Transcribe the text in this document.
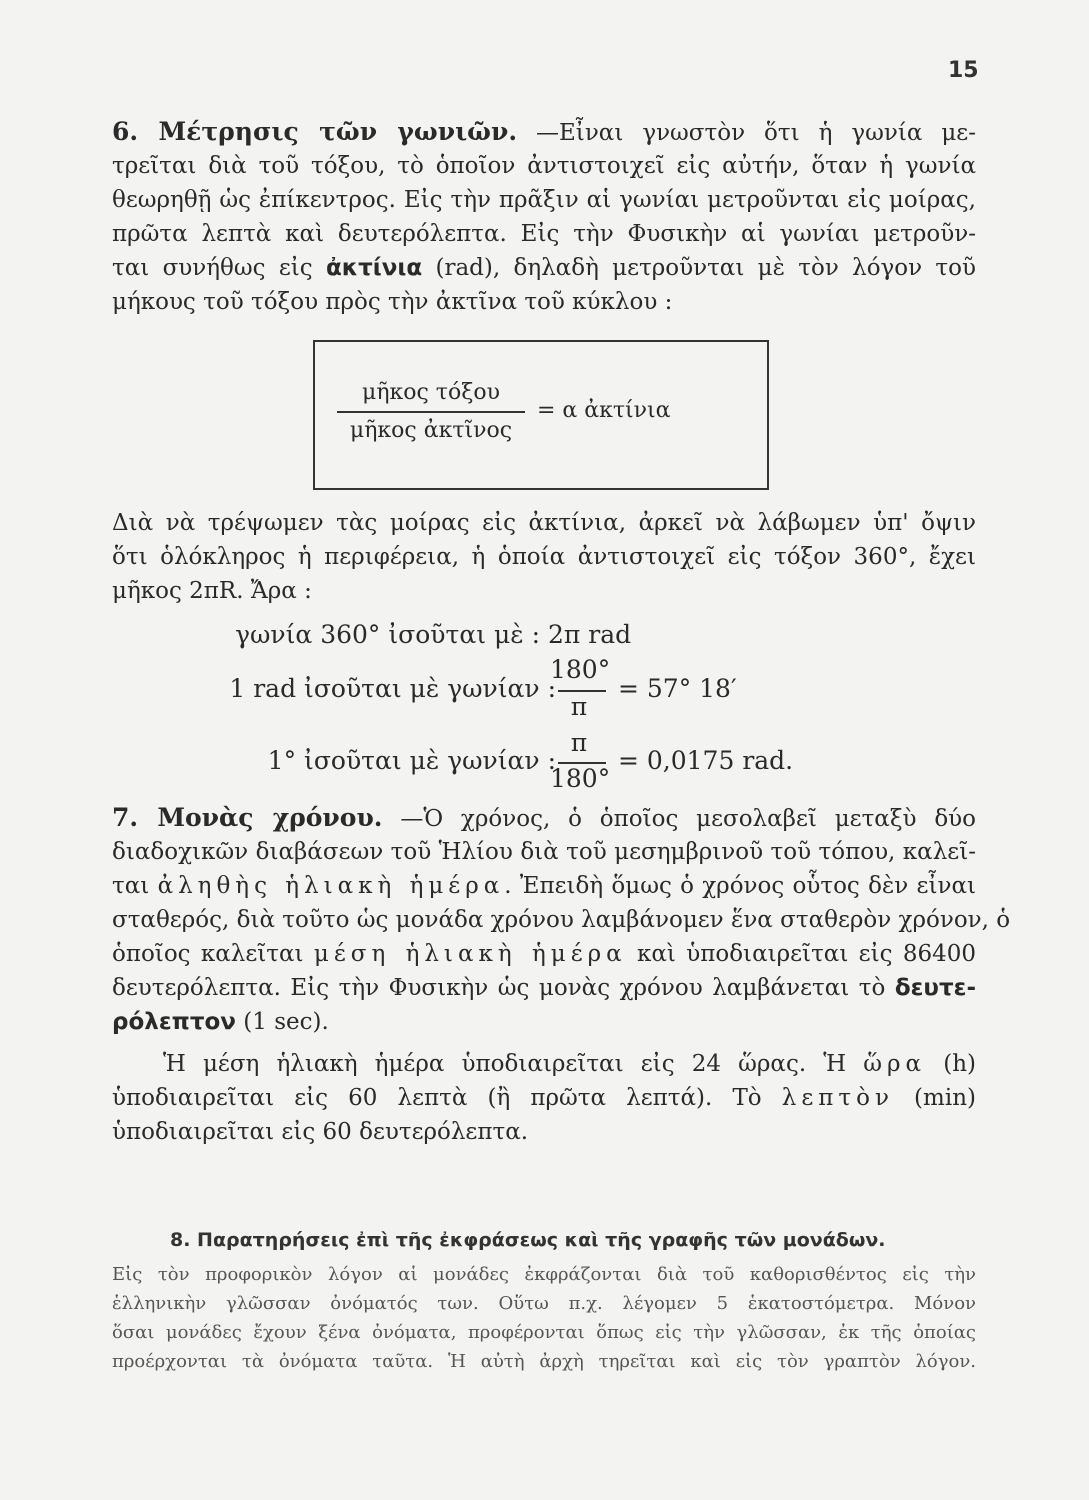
15
6. Μέτρησις τῶν γωνιῶν. —Εἶναι γνωστὸν ὅτι ἡ γωνία με-
τρεῖται διὰ τοῦ τόξου, τὸ ὁποῖον ἀντιστοιχεῖ εἰς αὐτήν, ὅταν ἡ γωνία
θεωρηθῇ ὡς ἐπίκεντρος. Εἰς τὴν πρᾶξιν αἱ γωνίαι μετροῦνται εἰς μοίρας,
πρῶτα λεπτὰ καὶ δευτερόλεπτα. Εἰς τὴν Φυσικὴν αἱ γωνίαι μετροῦν-
ται συνήθως εἰς ἀκτίνια (rad), δηλαδὴ μετροῦνται μὲ τὸν λόγον τοῦ
μήκους τοῦ τόξου πρὸς τὴν ἀκτῖνα τοῦ κύκλου :
Διὰ νὰ τρέψωμεν τὰς μοίρας εἰς ἀκτίνια, ἀρκεῖ νὰ λάβωμεν ὑπ' ὄψιν
ὅτι ὁλόκληρος ἡ περιφέρεια, ἡ ὁποία ἀντιστοιχεῖ εἰς τόξον 360°, ἔχει
μῆκος 2πR. Ἄρα :
7. Μονὰς χρόνου. —Ὁ χρόνος, ὁ ὁποῖος μεσολαβεῖ μεταξὺ δύο
διαδοχικῶν διαβάσεων τοῦ Ἡλίου διὰ τοῦ μεσημβρινοῦ τοῦ τόπου, καλεῖ-
ται ἀληθὴς ἡλιακὴ ἡμέρα. Ἐπειδὴ ὅμως ὁ χρόνος οὗτος δὲν εἶναι
σταθερός, διὰ τοῦτο ὡς μονάδα χρόνου λαμβάνομεν ἕνα σταθερὸν χρόνον, ὁ
ὁποῖος καλεῖται μέση ἡλιακὴ ἡμέρα καὶ ὑποδιαιρεῖται εἰς 86400
δευτερόλεπτα. Εἰς τὴν Φυσικὴν ὡς μονὰς χρόνου λαμβάνεται τὸ δευτε-
ρόλεπτον (1 sec).
Ἡ μέση ἡλιακὴ ἡμέρα ὑποδιαιρεῖται εἰς 24 ὥρας. Ἡ ὥρα (h)
ὑποδιαιρεῖται εἰς 60 λεπτὰ (ἢ πρῶτα λεπτά). Τὸ λεπτὸν (min)
ὑποδιαιρεῖται εἰς 60 δευτερόλεπτα.
8. Παρατηρήσεις ἐπὶ τῆς ἐκφράσεως καὶ τῆς γραφῆς τῶν μονάδων.
Εἰς τὸν προφορικὸν λόγον αἱ μονάδες ἐκφράζονται διὰ τοῦ καθορισθέντος εἰς τὴν
ἑλληνικὴν γλῶσσαν ὀνόματός των. Οὕτω π.χ. λέγομεν 5 ἑκατοστόμετρα. Μόνον
ὅσαι μονάδες ἔχουν ξένα ὀνόματα, προφέρονται ὅπως εἰς τὴν γλῶσσαν, ἐκ τῆς ὁποίας
προέρχονται τὰ ὀνόματα ταῦτα. Ἡ αὐτὴ ἀρχὴ τηρεῖται καὶ εἰς τὸν γραπτὸν λόγον.
μῆκος τόξου
μῆκος ἀκτῖνος
= α ἀκτίνια
γωνία 360° ἰσοῦται μὲ : 2π rad
1 rad ἰσοῦται μὲ γωνίαν :
180°
π
= 57° 18′
1° ἰσοῦται μὲ γωνίαν :
π
180°
= 0,0175 rad.
